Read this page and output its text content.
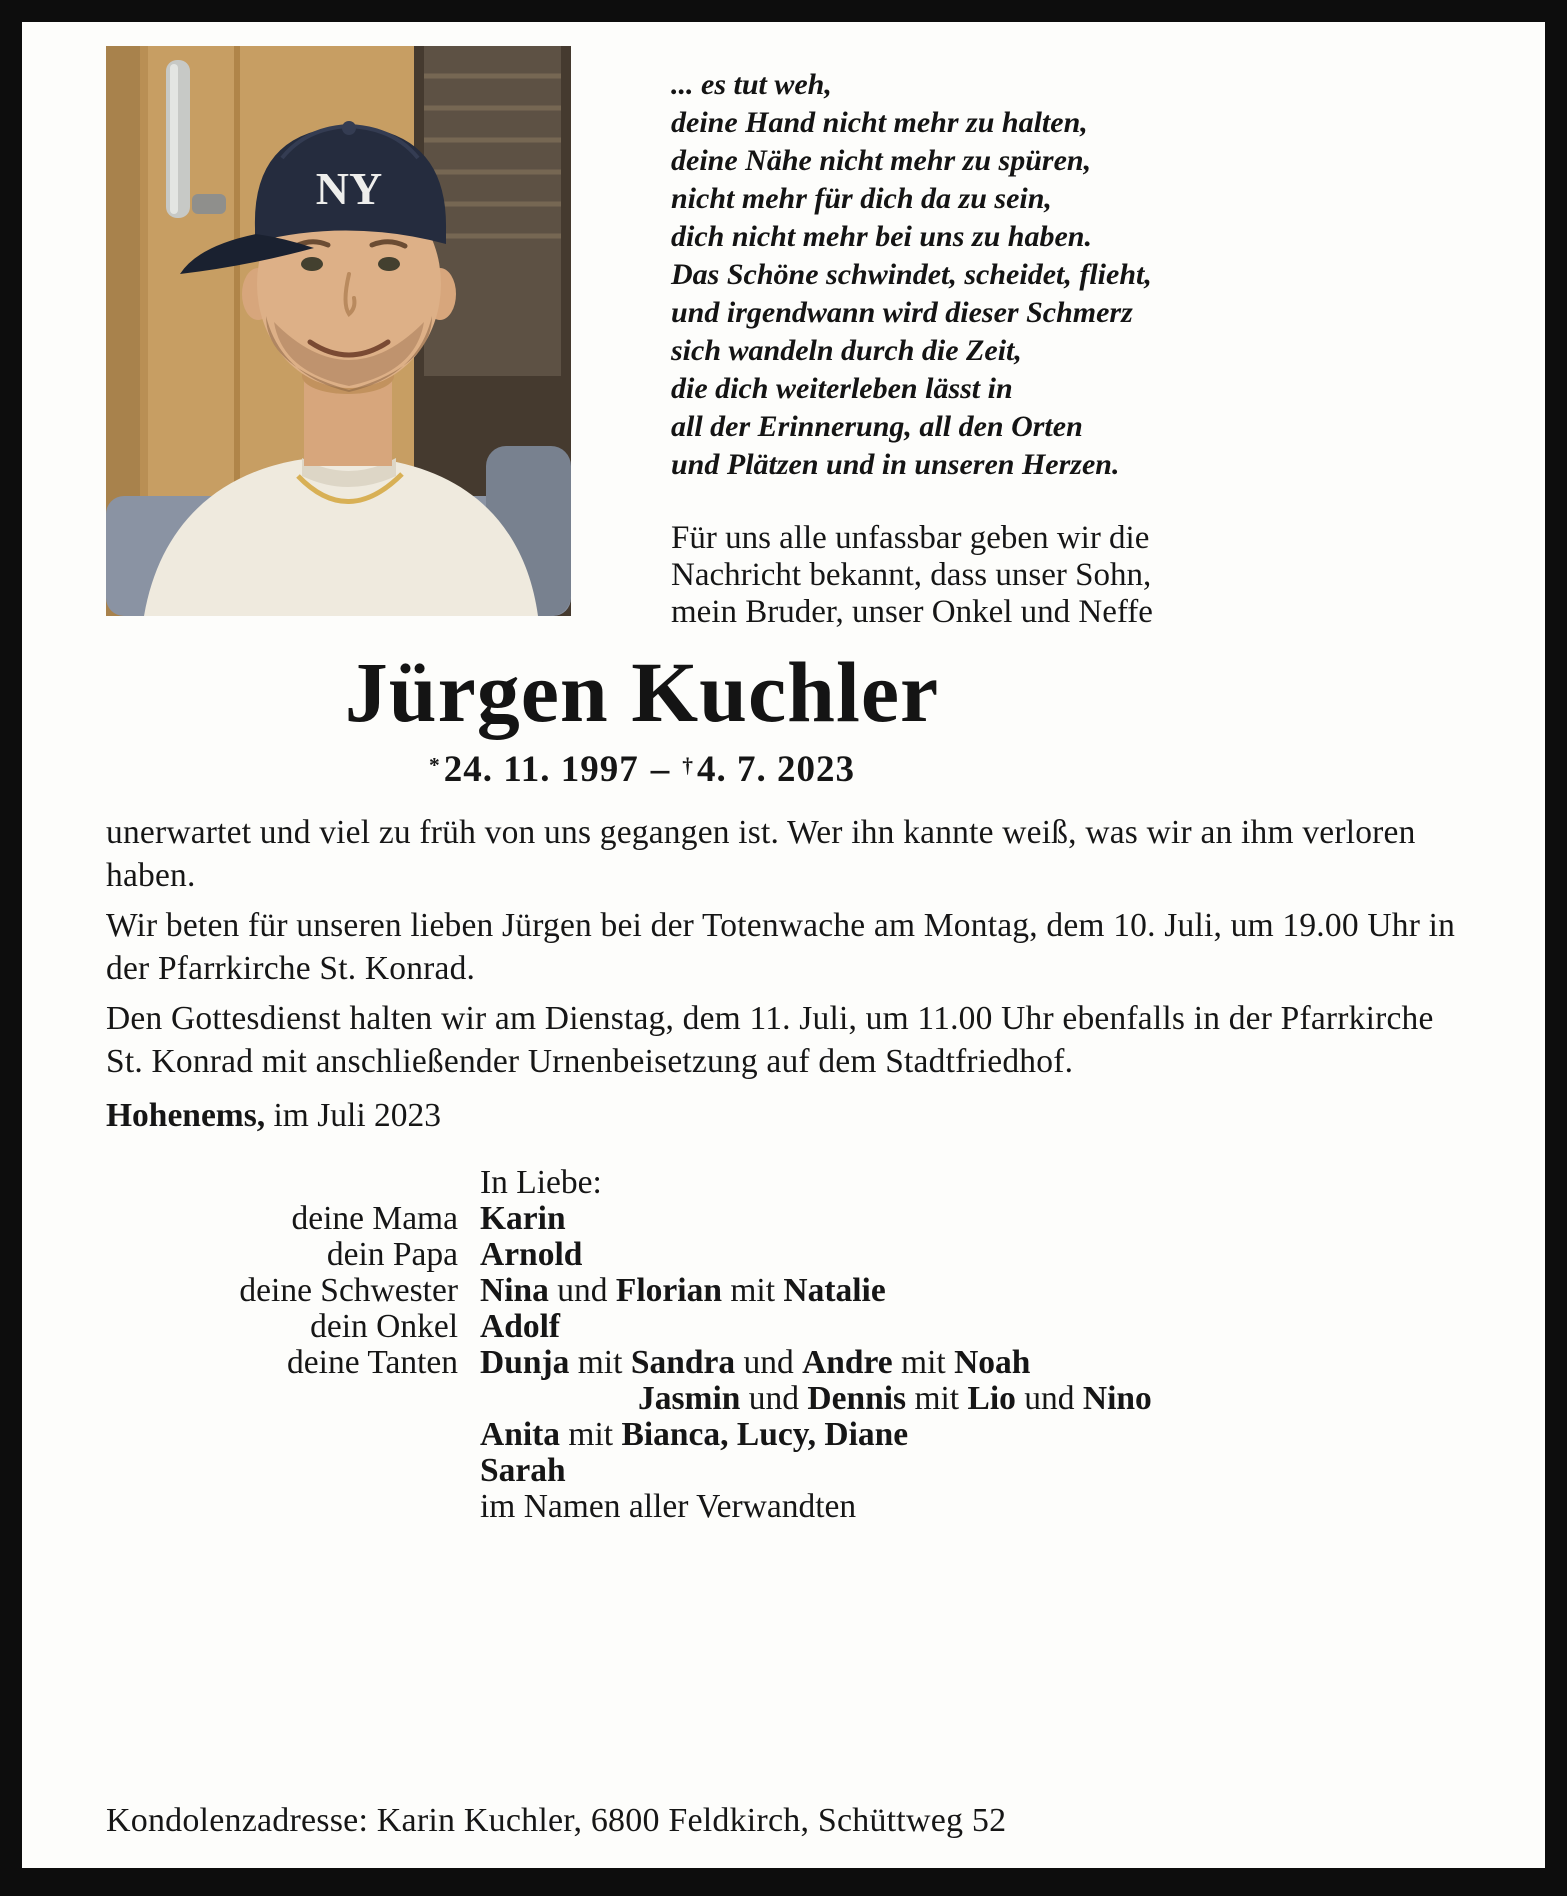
NY
... es tut weh,
deine Hand nicht mehr zu halten,
deine Nähe nicht mehr zu spüren,
nicht mehr für dich da zu sein,
dich nicht mehr bei uns zu haben.
Das Schöne schwindet, scheidet, flieht,
und irgendwann wird dieser Schmerz
sich wandeln durch die Zeit,
die dich weiterleben lässt in
all der Erinnerung, all den Orten
und Plätzen und in unseren Herzen.
Für uns alle unfassbar geben wir die
Nachricht bekannt, dass unser Sohn,
mein Bruder, unser Onkel und Neffe
Jürgen Kuchler
*24. 11. 1997 – †4. 7. 2023

unerwartet und viel zu früh von uns gegangen ist. Wer ihn kannte weiß, was wir an ihm verloren haben.

Wir beten für unseren lieben Jürgen bei der Totenwache am Montag, dem 10. Juli, um 19.00 Uhr in der Pfarrkirche St. Konrad.

Den Gottesdienst halten wir am Dienstag, dem 11. Juli, um 11.00 Uhr ebenfalls in der Pfarrkirche St. Konrad mit anschließender Urnenbeisetzung auf dem Stadtfriedhof.

Hohenems, im Juli 2023
In Liebe:
deine Mama Karin
dein Papa Arnold
deine Schwester Nina und Florian mit Natalie
dein Onkel Adolf
deine Tanten Dunja mit Sandra und Andre mit Noah
Jasmin und Dennis mit Lio und Nino
Anita mit Bianca, Lucy, Diane
Sarah
im Namen aller Verwandten
Kondolenzadresse: Karin Kuchler, 6800 Feldkirch, Schüttweg 52
